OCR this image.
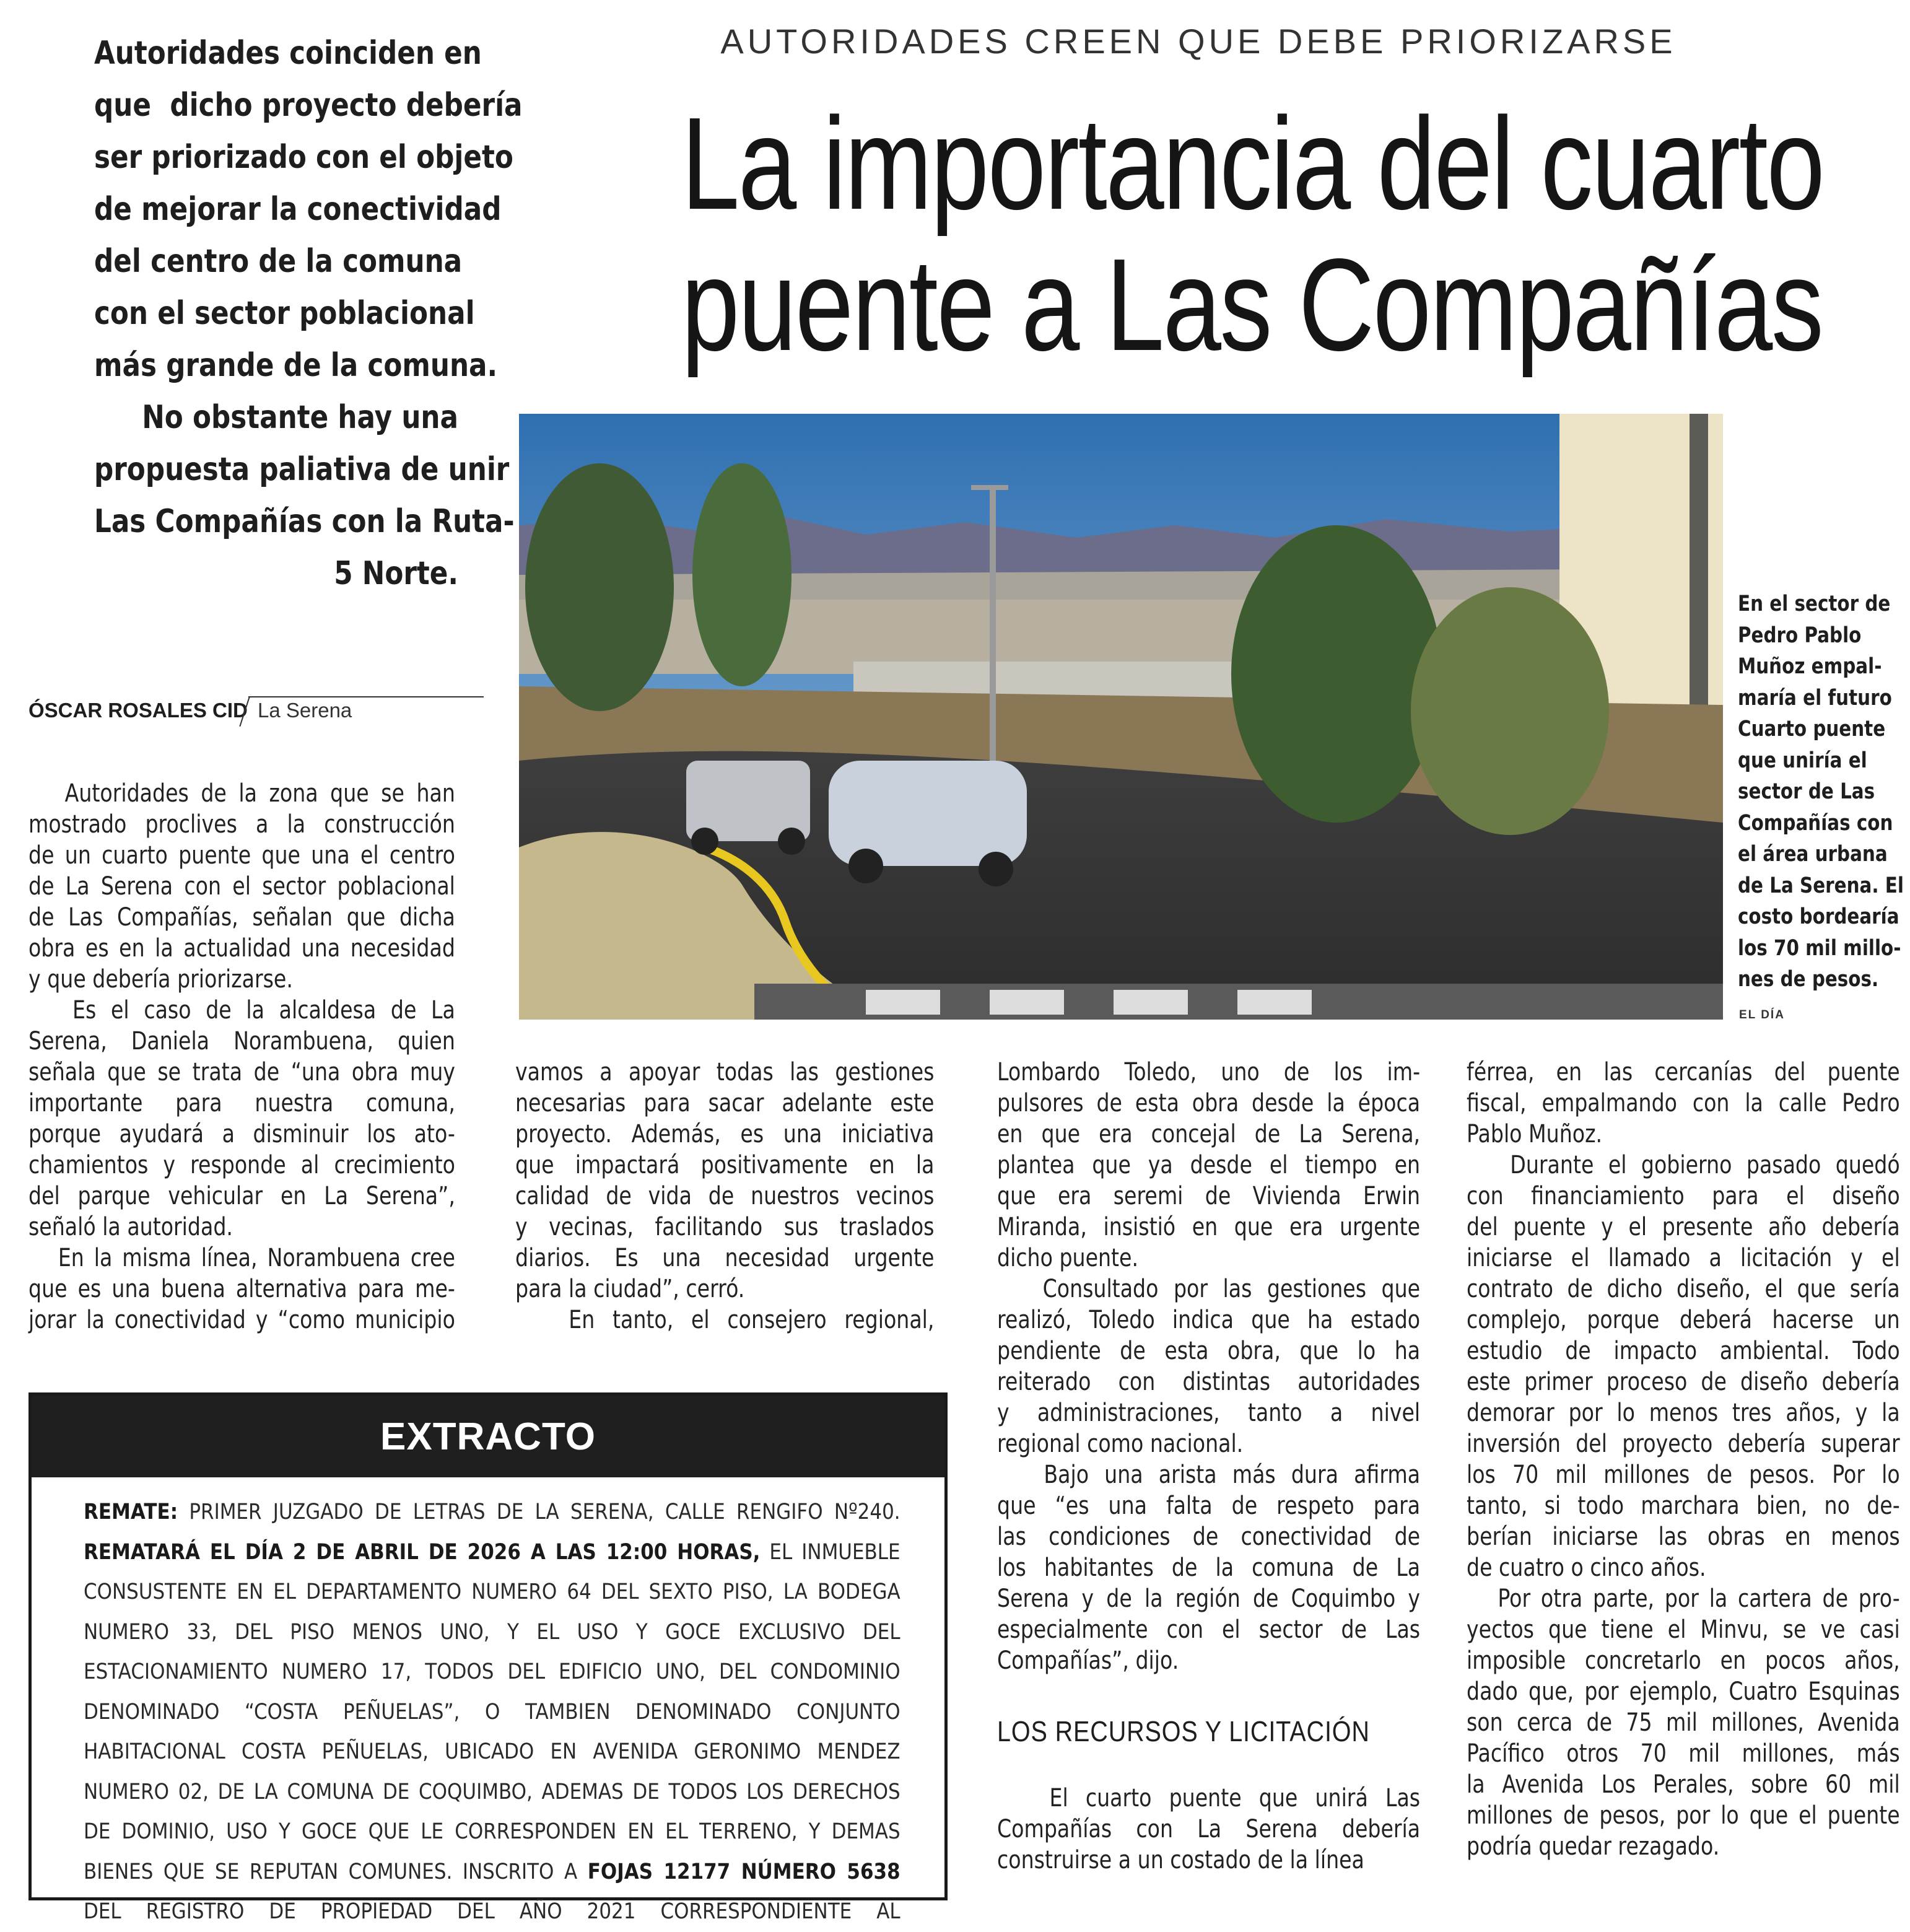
Autoridades coinciden en
que  dicho proyecto debería
ser priorizado con el objeto
de mejorar la conectividad
del centro de la comuna
con el sector poblacional
más grande de la comuna.
No obstante hay una
propuesta paliativa de unir
Las Compañías con la Ruta-
5 Norte.
AUTORIDADES CREEN QUE DEBE PRIORIZARSE
La importancia del cuarto
puente a Las Compañías
ÓSCAR ROSALES CID La Serena
Autoridades de la zona que se han
mostrado proclives a la construcción
de un cuarto puente que una el centro
de La Serena con el sector poblacional
de Las Compañías, señalan que dicha
obra es en la actualidad una necesidad
y que debería priorizarse.
Es el caso de la alcaldesa de La
Serena, Daniela Norambuena, quien
señala que se trata de “una obra muy
importante para nuestra comuna,
porque ayudará a disminuir los ato-
chamientos y responde al crecimiento
del parque vehicular en La Serena”,
señaló la autoridad.
En la misma línea, Norambuena cree
que es una buena alternativa para me-
jorar la conectividad y “como municipio
En el sector de
Pedro Pablo
Muñoz empal-
maría el futuro
Cuarto puente
que uniría el
sector de Las
Compañías con
el área urbana
de La Serena. El
costo bordearía
los 70 mil millo-
nes de pesos.
EL DÍA
vamos a apoyar todas las gestiones
necesarias para sacar adelante este
proyecto. Además, es una iniciativa
que impactará positivamente en la
calidad de vida de nuestros vecinos
y vecinas, facilitando sus traslados
diarios. Es una necesidad urgente
para la ciudad”, cerró.
En tanto, el consejero regional,
Lombardo Toledo, uno de los im-
pulsores de esta obra desde la época
en que era concejal de La Serena,
plantea que ya desde el tiempo en
que era seremi de Vivienda Erwin
Miranda, insistió en que era urgente
dicho puente.
Consultado por las gestiones que
realizó, Toledo indica que ha estado
pendiente de esta obra, que lo ha
reiterado con distintas autoridades
y administraciones, tanto a nivel
regional como nacional.
Bajo una arista más dura afirma
que “es una falta de respeto para
las condiciones de conectividad de
los habitantes de la comuna de La
Serena y de la región de Coquimbo y
especialmente con el sector de Las
Compañías”, dijo.
LOS RECURSOS Y LICITACIÓN
El cuarto puente que unirá Las
Compañías con La Serena debería
construirse a un costado de la línea
férrea, en las cercanías del puente
fiscal, empalmando con la calle Pedro
Pablo Muñoz.
Durante el gobierno pasado quedó
con financiamiento para el diseño
del puente y el presente año debería
iniciarse el llamado a licitación y el
contrato de dicho diseño, el que sería
complejo, porque deberá hacerse un
estudio de impacto ambiental. Todo
este primer proceso de diseño debería
demorar por lo menos tres años, y la
inversión del proyecto debería superar
los 70 mil millones de pesos. Por lo
tanto, si todo marchara bien, no de-
berían iniciarse las obras en menos
de cuatro o cinco años.
Por otra parte, por la cartera de pro-
yectos que tiene el Minvu, se ve casi
imposible concretarlo en pocos años,
dado que, por ejemplo, Cuatro Esquinas
son cerca de 75 mil millones, Avenida
Pacífico otros 70 mil millones, más
la Avenida Los Perales, sobre 60 mil
millones de pesos, por lo que el puente
podría quedar rezagado.
EXTRACTO
REMATE: PRIMER JUZGADO DE LETRAS DE LA SERENA, CALLE RENGIFO Nº240.
REMATARÁ EL DÍA 2 DE ABRIL DE 2026 A LAS 12:00 HORAS, EL INMUEBLE
CONSUSTENTE EN EL DEPARTAMENTO NUMERO 64 DEL SEXTO PISO, LA BODEGA
NUMERO 33, DEL PISO MENOS UNO, Y EL USO Y GOCE EXCLUSIVO DEL
ESTACIONAMIENTO NUMERO 17, TODOS DEL EDIFICIO UNO, DEL CONDOMINIO
DENOMINADO “COSTA PEÑUELAS”, O TAMBIEN DENOMINADO CONJUNTO
HABITACIONAL COSTA PEÑUELAS, UBICADO EN AVENIDA GERONIMO MENDEZ
NUMERO 02, DE LA COMUNA DE COQUIMBO, ADEMAS DE TODOS LOS DERECHOS
DE DOMINIO, USO Y GOCE QUE LE CORRESPONDEN EN EL TERRENO, Y DEMAS
BIENES QUE SE REPUTAN COMUNES. INSCRITO A FOJAS 12177 NÚMERO 5638
DEL REGISTRO DE PROPIEDAD DEL AÑO 2021 CORRESPONDIENTE AL
